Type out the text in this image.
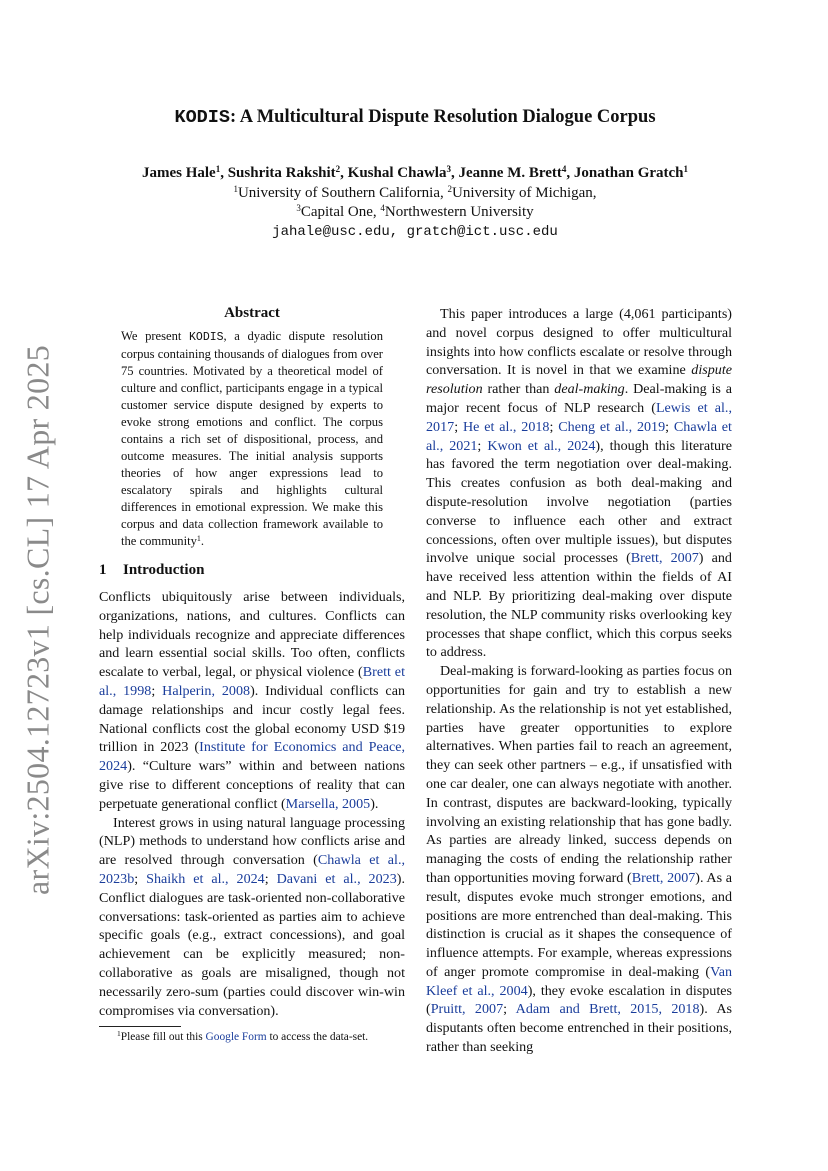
arXiv:2504.12723v1 [cs.CL] 17 Apr 2025
KODIS: A Multicultural Dispute Resolution Dialogue Corpus
James Hale$^1$, Sushrita Rakshit$^2$, Kushal Chawla$^3$, Jeanne M. Brett$^4$, Jonathan Gratch$^1$
$^1$University of Southern California, $^2$University of Michigan,
$^3$Capital One, $^4$Northwestern University
jahale@usc.edu, gratch@ict.usc.edu
Abstract
We present KODIS, a dyadic dispute resolution corpus containing thousands of dialogues from over 75 countries. Motivated by a theoretical model of culture and conflict, participants engage in a typical customer service dispute designed by experts to evoke strong emotions and conflict. The corpus contains a rich set of dispositional, process, and outcome measures. The initial analysis supports theories of how anger expressions lead to escalatory spirals and highlights cultural differences in emotional expression. We make this corpus and data collection framework available to the community$^1$.
1 Introduction

Conflicts ubiquitously arise between individuals, organizations, nations, and cultures. Conflicts can help individuals recognize and appreciate differences and learn essential social skills. Too often, conflicts escalate to verbal, legal, or physical violence (Brett et al., 1998; Halperin, 2008). Individual conflicts can damage relationships and incur costly legal fees. National conflicts cost the global economy USD $19 trillion in 2023 (Institute for Economics and Peace, 2024). “Culture wars” within and between nations give rise to different conceptions of reality that can perpetuate generational conflict (Marsella, 2005).

Interest grows in using natural language processing (NLP) methods to understand how conflicts arise and are resolved through conversation (Chawla et al., 2023b; Shaikh et al., 2024; Davani et al., 2023). Conflict dialogues are task-oriented non-collaborative conversations: task-oriented as parties aim to achieve specific goals (e.g., extract concessions), and goal achievement can be explicitly measured; non-collaborative as goals are misaligned, though not necessarily zero-sum (parties could discover win-win compromises via conversation).

$^1$Please fill out this Google Form to access the data-set.

This paper introduces a large (4,061 participants) and novel corpus designed to offer multicultural insights into how conflicts escalate or resolve through conversation. It is novel in that we examine dispute resolution rather than deal-making. Deal-making is a major recent focus of NLP research (Lewis et al., 2017; He et al., 2018; Cheng et al., 2019; Chawla et al., 2021; Kwon et al., 2024), though this literature has favored the term negotiation over deal-making. This creates confusion as both deal-making and dispute-resolution involve negotiation (parties converse to influence each other and extract concessions, often over multiple issues), but disputes involve unique social processes (Brett, 2007) and have received less attention within the fields of AI and NLP. By prioritizing deal-making over dispute resolution, the NLP community risks overlooking key processes that shape conflict, which this corpus seeks to address.

Deal-making is forward-looking as parties focus on opportunities for gain and try to establish a new relationship. As the relationship is not yet established, parties have greater opportunities to explore alternatives. When parties fail to reach an agreement, they can seek other partners – e.g., if unsatisfied with one car dealer, one can always negotiate with another. In contrast, disputes are backward-looking, typically involving an existing relationship that has gone badly. As parties are already linked, success depends on managing the costs of ending the relationship rather than opportunities moving forward (Brett, 2007). As a result, disputes evoke much stronger emotions, and positions are more entrenched than deal-making. This distinction is crucial as it shapes the consequence of influence attempts. For example, whereas expressions of anger promote compromise in deal-making (Van Kleef et al., 2004), they evoke escalation in disputes (Pruitt, 2007; Adam and Brett, 2015, 2018). As disputants often become entrenched in their positions, rather than seeking
